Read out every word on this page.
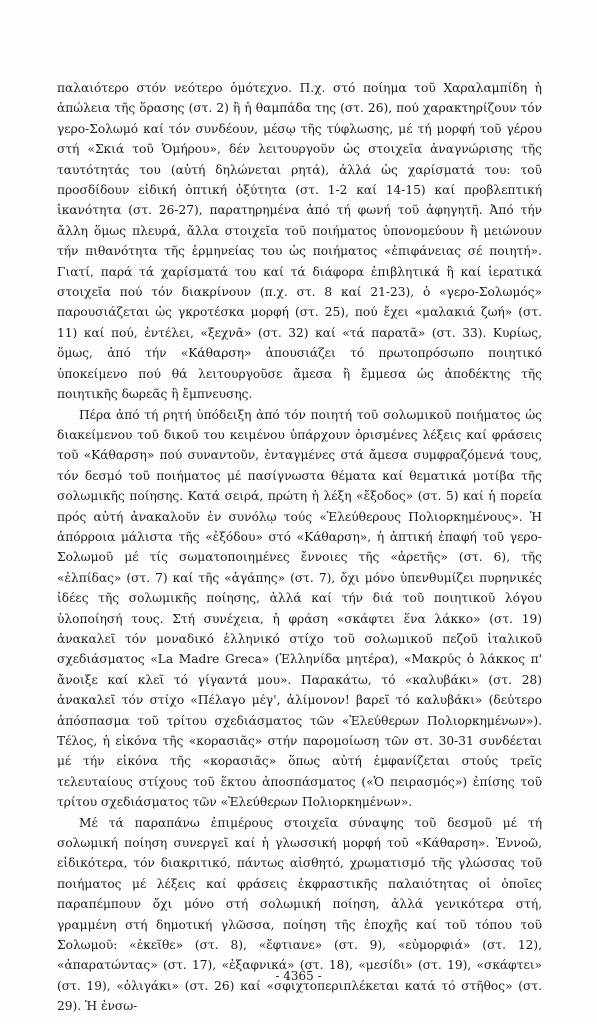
παλαιότερο στόν νεότερο ὁμότεχνο. Π.χ. στό ποίημα τοῦ Χαραλαμπίδη ἡ ἀπώλεια τῆς ὅρασης (στ. 2) ἢ ἡ θαμπάδα της (στ. 26), πού χαρακτηρίζουν τόν γερο-Σολωμό καί τόν συνδέουν, μέσῳ τῆς τύφλωσης, μέ τή μορφή τοῦ γέρου στή «Σκιά τοῦ Ὁμήρου», δέν λειτουργοῦν ὡς στοιχεῖα ἀναγνώρισης τῆς ταυτότητάς του (αὐτή δηλώνεται ρητά), ἀλλά ὡς χαρίσματά του: τοῦ προσδίδουν εἰδική ὀπτική ὀξύτητα (στ. 1-2 καί 14-15) καί προβλεπτική ἱκανότητα (στ. 26-27), παρατηρημένα ἀπό τή φωνή τοῦ ἀφηγητῆ. Ἀπό τήν ἄλλη ὅμως πλευρά, ἄλλα στοιχεῖα τοῦ ποιήματος ὑπονομεύουν ἢ μειώνουν τήν πιθανότητα τῆς ἑρμηνείας του ὡς ποιήματος «ἐπιφάνειας σέ ποιητή». Γιατί, παρά τά χαρίσματά του καί τά διάφορα ἐπιβλητικά ἢ καί ἱερατικά στοιχεῖα πού τόν διακρίνουν (π.χ. στ. 8 καί 21-23), ὁ «γερο-Σολωμός» παρουσιάζεται ὡς γκροτέσκα μορφή (στ. 25), πού ἔχει «μαλακιά ζωή» (στ. 11) καί πού, ἐντέλει, «ξεχνᾶ» (στ. 32) καί «τά παρατᾶ» (στ. 33). Κυρίως, ὅμως, ἀπό τήν «Κάθαρση» ἀπουσιάζει τό πρωτοπρόσωπο ποιητικό ὑποκείμενο πού θά λειτουργοῦσε ἄμεσα ἢ ἔμμεσα ὡς ἀποδέκτης τῆς ποιητικῆς δωρεᾶς ἢ ἔμπνευσης.

Πέρα ἀπό τή ρητή ὑπόδειξη ἀπό τόν ποιητή τοῦ σολωμικοῦ ποιήματος ὡς διακείμενου τοῦ δικοῦ του κειμένου ὑπάρχουν ὁρισμένες λέξεις καί φράσεις τοῦ «Κάθαρση» πού συναντοῦν, ἐνταγμένες στά ἄμεσα συμφραζόμενά τους, τόν δεσμό τοῦ ποιήματος μέ πασίγνωστα θέματα καί θεματικά μοτίβα τῆς σολωμικῆς ποίησης. Κατά σειρά, πρώτη ἡ λέξη «ἔξοδος» (στ. 5) καί ἡ πορεία πρός αὐτή ἀνακαλοῦν ἐν συνόλῳ τούς «Ἐλεύθερους Πολιορκημένους». Ἡ ἀπόρροια μάλιστα τῆς «ἐξόδου» στό «Κάθαρση», ἡ ἀπτική ἐπαφή τοῦ γερο-Σολωμοῦ μέ τίς σωματοποιημένες ἔννοιες τῆς «ἀρετῆς» (στ. 6), τῆς «ἐλπίδας» (στ. 7) καί τῆς «ἀγάπης» (στ. 7), ὄχι μόνο ὑπενθυμίζει πυρηνικές ἰδέες τῆς σολωμικῆς ποίησης, ἀλλά καί τήν διά τοῦ ποιητικοῦ λόγου ὑλοποίησή τους. Στή συνέχεια, ἡ φράση «σκάφτει ἕνα λάκκο» (στ. 19) ἀνακαλεῖ τόν μοναδικό ἑλληνικό στίχο τοῦ σολωμικοῦ πεζοῦ ἰταλικοῦ σχεδιάσματος «La Madre Greca» (Ἑλληνίδα μητέρα), «Μακρύς ὁ λάκκος π' ἄνοιξε καί κλεῖ τό γίγαντά μου». Παρακάτω, τό «καλυβάκι» (στ. 28) ἀνακαλεῖ τόν στίχο «Πέλαγο μέγ', ἀλίμονον! βαρεῖ τό καλυβάκι» (δεύτερο ἀπόσπασμα τοῦ τρίτου σχεδιάσματος τῶν «Ἐλεύθερων Πολιορκημένων»). Τέλος, ἡ εἰκόνα τῆς «κορασιᾶς» στήν παρομοίωση τῶν στ. 30-31 συνδέεται μέ τήν εἰκόνα τῆς «κορασιᾶς» ὅπως αὐτή ἐμφανίζεται στούς τρεῖς τελευταίους στίχους τοῦ ἕκτου ἀποσπάσματος («Ὁ πειρασμός») ἐπίσης τοῦ τρίτου σχεδιάσματος τῶν «Ἐλεύθερων Πολιορκημένων».

Μέ τά παραπάνω ἐπιμέρους στοιχεῖα σύναψης τοῦ δεσμοῦ μέ τή σολωμική ποίηση συνεργεῖ καί ἡ γλωσσική μορφή τοῦ «Κάθαρση». Ἐννοῶ, εἰδικότερα, τόν διακριτικό, πάντως αἰσθητό, χρωματισμό τῆς γλώσσας τοῦ ποιήματος μέ λέξεις καί φράσεις ἐκφραστικῆς παλαιότητας οἱ ὁποῖες παραπέμπουν ὄχι μόνο στή σολωμική ποίηση, ἀλλά γενικότερα στή, γραμμένη στή δημοτική γλῶσσα, ποίηση τῆς ἐποχῆς καί τοῦ τόπου τοῦ Σολωμοῦ: «ἐκεῖθε» (στ. 8), «ἔφτιανε» (στ. 9), «εὐμορφιά» (στ. 12), «ἀπαρατώντας» (στ. 17), «ἐξαφνικά» (στ. 18), «μεσίδι» (στ. 19), «σκάφτει» (στ. 19), «ὀλιγάκι» (στ. 26) καί «σφιχτοπεριπλέκεται κατά τό στῆθος» (στ. 29). Ἡ ἐνσω-

- 4365 -
